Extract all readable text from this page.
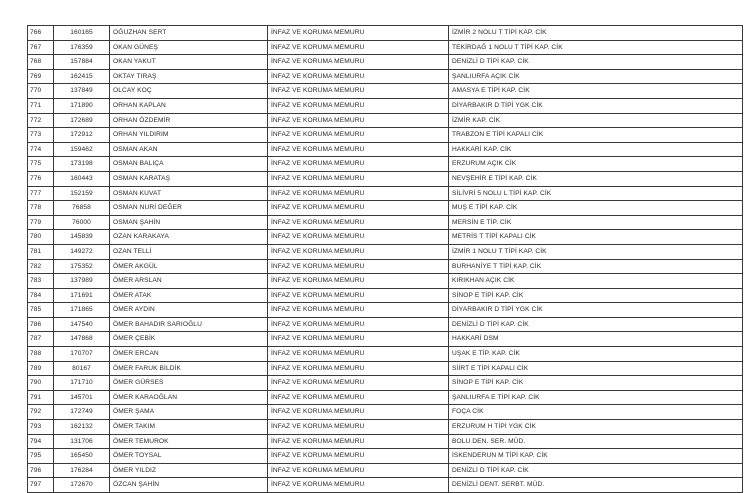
766	160165	OĞUZHAN SERT	İNFAZ VE KORUMA MEMURU	İZMİR 2 NOLU T TİPİ KAP. CİK
767	176359	OKAN GÜNEŞ	İNFAZ VE KORUMA MEMURU	TEKİRDAĞ 1 NOLU T TİPİ KAP. CİK
768	157884	OKAN YAKUT	İNFAZ VE KORUMA MEMURU	DENİZLİ D TİPİ KAP. CİK
769	162415	OKTAY TIRAŞ	İNFAZ VE KORUMA MEMURU	ŞANLIURFA AÇIK CİK
770	137849	OLCAY KOÇ	İNFAZ VE KORUMA MEMURU	AMASYA E TİPİ KAP. CİK
771	171890	ORHAN KAPLAN	İNFAZ VE KORUMA MEMURU	DİYARBAKIR D TİPİ YGK CİK
772	172689	ORHAN ÖZDEMİR	İNFAZ VE KORUMA MEMURU	İZMİR KAP. CİK
773	172912	ORHAN YILDIRIM	İNFAZ VE KORUMA MEMURU	TRABZON E TİPİ KAPALI CİK
774	159462	OSMAN AKAN	İNFAZ VE KORUMA MEMURU	HAKKARİ KAP. CİK
775	173198	OSMAN BALIÇA	İNFAZ VE KORUMA MEMURU	ERZURUM AÇIK CİK
776	160443	OSMAN KARATAŞ	İNFAZ VE KORUMA MEMURU	NEVŞEHİR E TİPİ KAP. CİK
777	152159	OSMAN KUVAT	İNFAZ VE KORUMA MEMURU	SİLİVRİ 5 NOLU L TİPİ KAP. CİK
778	76858	OSMAN NURİ DEĞER	İNFAZ VE KORUMA MEMURU	MUŞ E TİPİ KAP. CİK
779	76000	OSMAN ŞAHİN	İNFAZ VE KORUMA MEMURU	MERSİN E TİP. CİK
780	145839	OZAN KARAKAYA	İNFAZ VE KORUMA MEMURU	METRİS T TİPİ KAPALI CİK
781	149272	OZAN TELLİ	İNFAZ VE KORUMA MEMURU	İZMİR 1 NOLU T TİPİ KAP. CİK
782	175352	ÖMER AKGÜL	İNFAZ VE KORUMA MEMURU	BURHANİYE T TİPİ KAP. CİK
783	137989	ÖMER ARSLAN	İNFAZ VE KORUMA MEMURU	KIRIKHAN AÇIK CİK
784	171691	ÖMER ATAK	İNFAZ VE KORUMA MEMURU	SİNOP E TİPİ KAP. CİK
785	171865	ÖMER AYDIN	İNFAZ VE KORUMA MEMURU	DİYARBAKIR D TİPİ YGK CİK
786	147540	ÖMER BAHADIR SARIOĞLU	İNFAZ VE KORUMA MEMURU	DENİZLİ D TİPİ KAP. CİK
787	147868	ÖMER ÇEBİK	İNFAZ VE KORUMA MEMURU	HAKKARİ DSM
788	170707	ÖMER ERCAN	İNFAZ VE KORUMA MEMURU	UŞAK E TİP. KAP. CİK
789	80167	ÖMER FARUK BİLDİK	İNFAZ VE KORUMA MEMURU	SİİRT E TİPİ KAPALI CİK
790	171710	ÖMER GÜRSES	İNFAZ VE KORUMA MEMURU	SİNOP E TİPİ KAP. CİK
791	145701	ÖMER KARAOĞLAN	İNFAZ VE KORUMA MEMURU	ŞANLIURFA E TİPİ KAP. CİK
792	172749	ÖMER ŞAMA	İNFAZ VE KORUMA MEMURU	FOÇA CİK
793	162132	ÖMER TAKIM	İNFAZ VE KORUMA MEMURU	ERZURUM H TİPİ YGK CİK
794	131706	ÖMER TEMUROK	İNFAZ VE KORUMA MEMURU	BOLU DEN. SER. MÜD.
795	165450	ÖMER TOYSAL	İNFAZ VE KORUMA MEMURU	İSKENDERUN M TİPİ KAP. CİK
796	176284	ÖMER YILDIZ	İNFAZ VE KORUMA MEMURU	DENİZLİ D TİPİ KAP. CİK
797	172670	ÖZCAN ŞAHİN	İNFAZ VE KORUMA MEMURU	DENİZLİ DENT. SERBT. MÜD.
